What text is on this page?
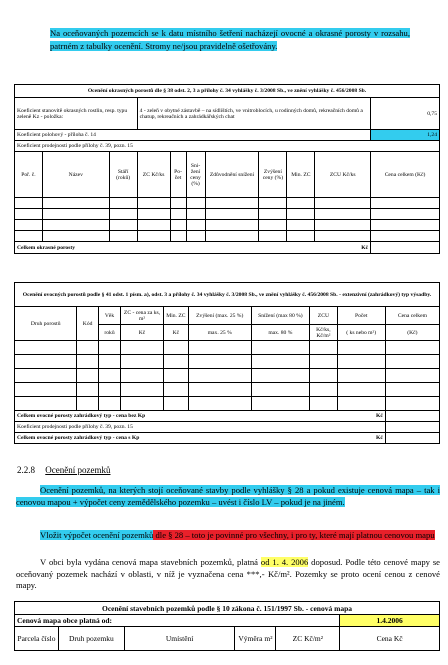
Na oceňovaných pozemcích se k datu místního šetření nacházejí ovocné a okrasné porosty v rozsahu, patrném z tabulky ocenění. Stromy ne/jsou pravidelně ošetřovány.
Ocenění okrasných porostů dle § 38 odst. 2, 3 a přílohy č. 34 vyhlášky č. 3/2008 Sb., ve znění vyhlášky č. 456/2008 Sb.										
Koeficient stanovitě okrasných rostlin, resp. typu zeleně Kz - položka:			4 - zeleň v obytné zástavbě – na sídlištích, ve vnitroblocích, u rodinných domů, rekreačních domů a chatup, rekreačních a zahrádkářských chat							0,75
Koeficient polohový - příloha č. 14										1,24
Koeficient prodejnosti podle přílohy č. 39, pozn. 15										
Poř. č.	Název	Stáří (roků)	ZC Kč/ks	Po-čet	Sni-žení ceny (%)	Zdůvodnění snížení	Zvýšení ceny (%)	Min. ZC	ZCU Kč/ks	Cena celkem (Kč)

Celkem okrasné porosty Kč										

Ocenění ovocných porostů podle § 41 odst. 1 písm. a), odst. 3 a přílohy č. 34 vyhlášky č. 3/2008 Sb., ve znění vyhlášky č. 456/2008 Sb. - extenzivní (zahrádkový) typ výsadby.									
Druh porostů	Kód	Věk	ZC - cena za ks, m²	Min. ZC	Zvýšení (max. 25 %)	Snížení (max 80 %)	ZCU	Počet	Cena celkem
		roků	Kč	Kč	max. 25 %	max. 80 %	Kč/ks, Kč/m²	( ks nebo m²)	(Kč)

Celkem ovocné porosty zahrádkový typ - cena bez Kp Kč									

Koeficient prodejnosti podle přílohy č. 39, pozn. 15									
Celkem ovocné porosty zahrádkový typ - cena s Kp Kč									

2.2.8 Ocenění pozemků
Ocenění pozemků, na kterých stojí oceňované stavby podle vyhlášky § 28 a pokud existuje cenová mapa – tak i cenovou mapou + výpočet ceny zemědělského pozemku – uvést i číslo LV – pokud je na jiném.
Vložit výpočet ocenění pozemků dle § 28 – toto je povinné pro všechny, i pro ty, které mají platnou cenovou mapu
V obci byla vydána cenová mapa stavebních pozemků, platná od 1. 4. 2006 doposud. Podle této cenové mapy se oceňovaný pozemek nachází v oblasti, v níž je vyznačena cena ***,- Kč/m². Pozemky se proto ocení cenou z cenové mapy.
Ocenění stavebních pozemků podle § 10 zákona č. 151/1997 Sb. - cenová mapa					
Cenová mapa obce platná od:					1.4.2006
Parcela číslo	Druh pozemku	Umístění	Výměra m²	ZC Kč/m²	Cena Kč
